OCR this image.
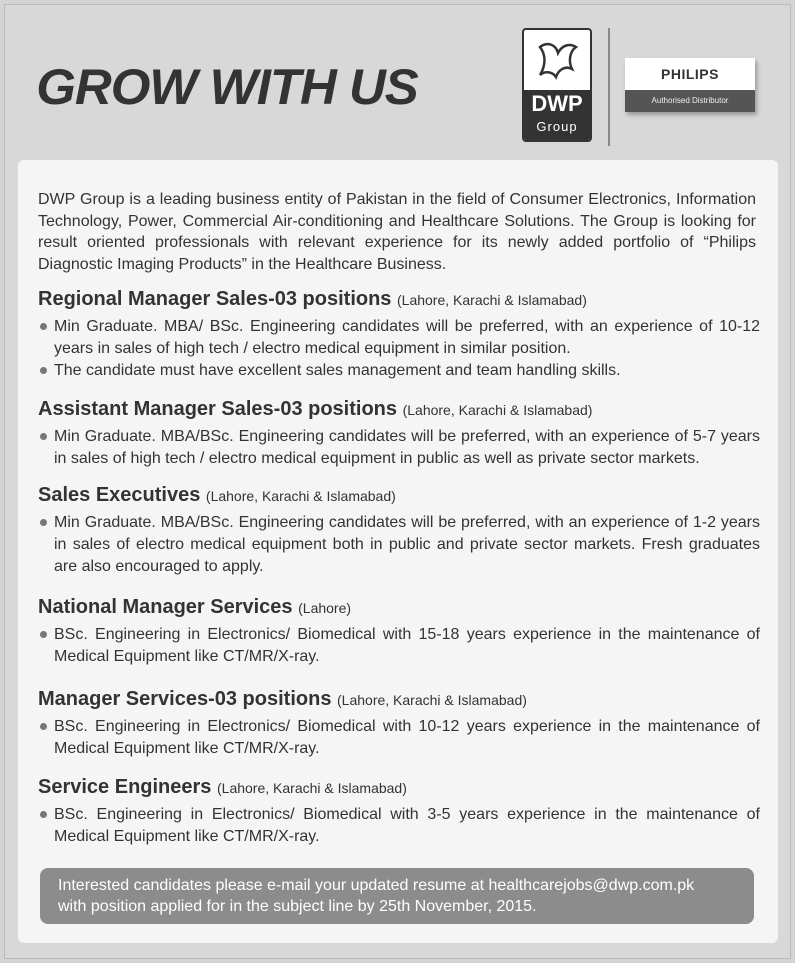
GROW WITH US	DWP
Group
PHILIPS
Authorised Distributor

DWP Group is a leading business entity of Pakistan in the field of Consumer Electronics, Information Technology, Power, Commercial Air-conditioning and Healthcare Solutions. The Group is looking for result oriented professionals with relevant experience for its newly added portfolio of “Philips Diagnostic Imaging Products” in the Healthcare Business.

Regional Manager Sales-03 positions (Lahore, Karachi & Islamabad)
Min Graduate. MBA/ BSc. Engineering candidates will be preferred, with an experience of 10-12 years in sales of high tech / electro medical equipment in similar position.
The candidate must have excellent sales management and team handling skills.
Assistant Manager Sales-03 positions (Lahore, Karachi & Islamabad)
Min Graduate. MBA/BSc. Engineering candidates will be preferred, with an experience of 5-7 years in sales of high tech / electro medical equipment in public as well as private sector markets.
Sales Executives (Lahore, Karachi & Islamabad)
Min Graduate. MBA/BSc. Engineering candidates will be preferred, with an experience of 1-2 years in sales of electro medical equipment both in public and private sector markets. Fresh graduates are also encouraged to apply.
National Manager Services (Lahore)
BSc. Engineering in Electronics/ Biomedical with 15-18 years experience in the maintenance of Medical Equipment like CT/MR/X-ray.
Manager Services-03 positions (Lahore, Karachi & Islamabad)
BSc. Engineering in Electronics/ Biomedical with 10-12 years experience in the maintenance of Medical Equipment like CT/MR/X-ray.
Service Engineers (Lahore, Karachi & Islamabad)
BSc. Engineering in Electronics/ Biomedical with 3-5 years experience in the maintenance of Medical Equipment like CT/MR/X-ray.
Interested candidates please e-mail your updated resume at healthcarejobs@dwp.com.pk
with position applied for in the subject line by 25th November, 2015.
